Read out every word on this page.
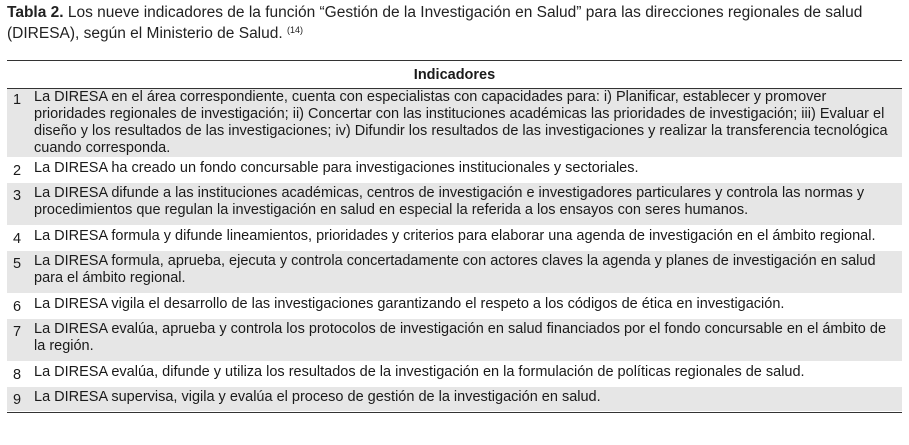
Tabla 2. Los nueve indicadores de la función “Gestión de la Investigación en Salud” para las direcciones regionales de salud (DIRESA), según el Ministerio de Salud. $^{(14)}$
Indicadores
1 La DIRESA en el área correspondiente, cuenta con especialistas con capacidades para: i) Planificar, establecer y promover prioridades regionales de investigación; ii) Concertar con las instituciones académicas las prioridades de investigación; iii) Evaluar el diseño y los resultados de las investigaciones; iv) Difundir los resultados de las investigaciones y realizar la transferencia tecnológica cuando corresponda.
2 La DIRESA ha creado un fondo concursable para investigaciones institucionales y sectoriales.
3 La DIRESA difunde a las instituciones académicas, centros de investigación e investigadores particulares y controla las normas y procedimientos que regulan la investigación en salud en especial la referida a los ensayos con seres humanos.
4 La DIRESA formula y difunde lineamientos, prioridades y criterios para elaborar una agenda de investigación en el ámbito regional.
5 La DIRESA formula, aprueba, ejecuta y controla concertadamente con actores claves la agenda y planes de investigación en salud para el ámbito regional.
6 La DIRESA vigila el desarrollo de las investigaciones garantizando el respeto a los códigos de ética en investigación.
7 La DIRESA evalúa, aprueba y controla los protocolos de investigación en salud financiados por el fondo concursable en el ámbito de la región.
8 La DIRESA evalúa, difunde y utiliza los resultados de la investigación en la formulación de políticas regionales de salud.
9 La DIRESA supervisa, vigila y evalúa el proceso de gestión de la investigación en salud.
